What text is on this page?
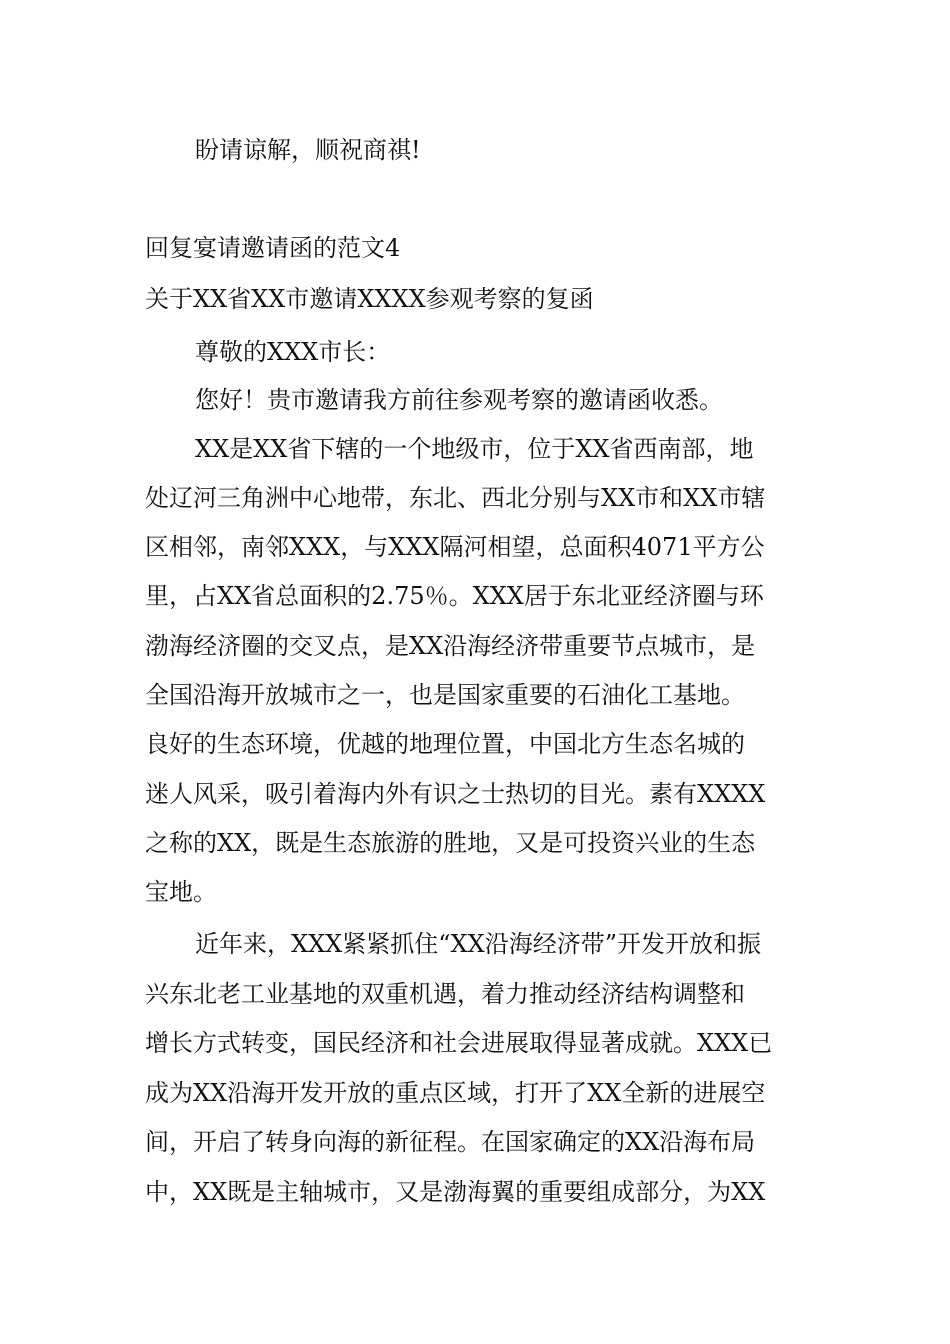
盼请谅解，顺祝商祺!
回复宴请邀请函的范文4
关于XX省XX市邀请XXXX参观考察的复函
尊敬的XXX市长：
您好！贵市邀请我方前往参观考察的邀请函收悉。
XX是XX省下辖的一个地级市，位于XX省西南部，地
处辽河三角洲中心地带，东北、西北分别与XX市和XX市辖
区相邻，南邻XXX，与XXX隔河相望，总面积4071平方公
里，占XX省总面积的2.75％。XXX居于东北亚经济圈与环
渤海经济圈的交叉点，是XX沿海经济带重要节点城市，是
全国沿海开放城市之一，也是国家重要的石油化工基地。
良好的生态环境，优越的地理位置，中国北方生态名城的
迷人风采，吸引着海内外有识之士热切的目光。素有XXXX
之称的XX，既是生态旅游的胜地，又是可投资兴业的生态
宝地。
近年来，XXX紧紧抓住“XX沿海经济带”开发开放和振
兴东北老工业基地的双重机遇，着力推动经济结构调整和
增长方式转变，国民经济和社会进展取得显著成就。XXX已
成为XX沿海开发开放的重点区域，打开了XX全新的进展空
间，开启了转身向海的新征程。在国家确定的XX沿海布局
中，XX既是主轴城市，又是渤海翼的重要组成部分，为XX
